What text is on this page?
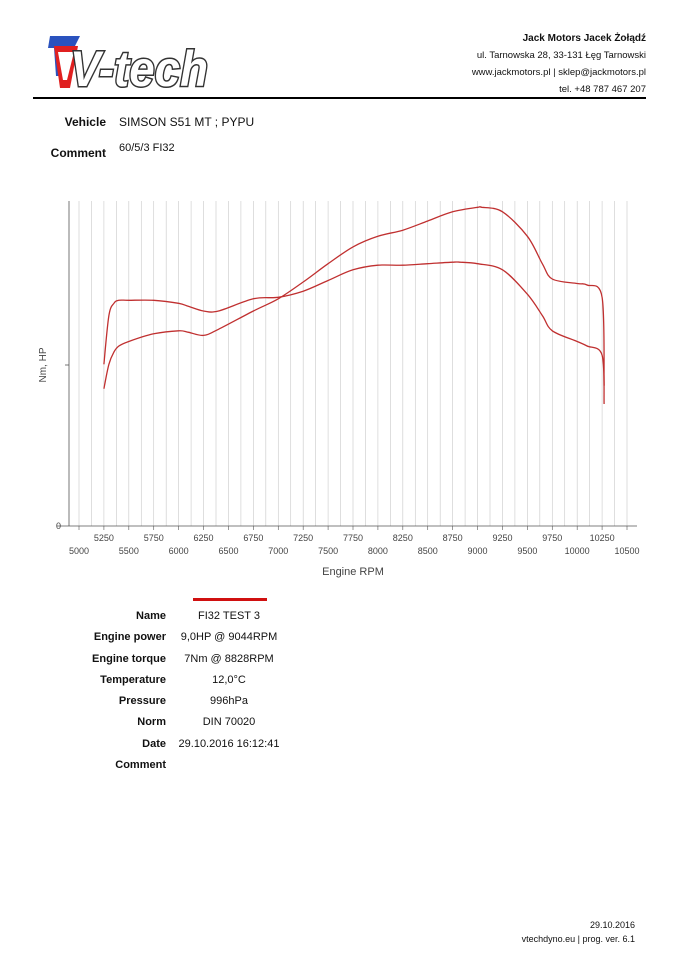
V-tech
Jack Motors Jacek Żołądź
ul. Tarnowska 28, 33-131 Łęg Tarnowski
www.jackmotors.pl | sklep@jackmotors.pl
tel. +48 787 467 207
Vehicle SIMSON S51 MT ; PYPU
Comment 60/5/3 FI32
0
5250	5750	6250	6750	7250	7750	8250	8750	9250	9750	10250
5000	5500	6000	6500	7000	7500	8000	8500	9000	9500	10000	10500
Nm, HP
Engine RPM
Name	FI32 TEST 3
Engine power	9,0HP @ 9044RPM
Engine torque	7Nm @ 8828RPM
Temperature	12,0°C
Pressure	996hPa
Norm	DIN 70020
Date	29.10.2016 16:12:41
Comment
29.10.2016
vtechdyno.eu | prog. ver. 6.1
